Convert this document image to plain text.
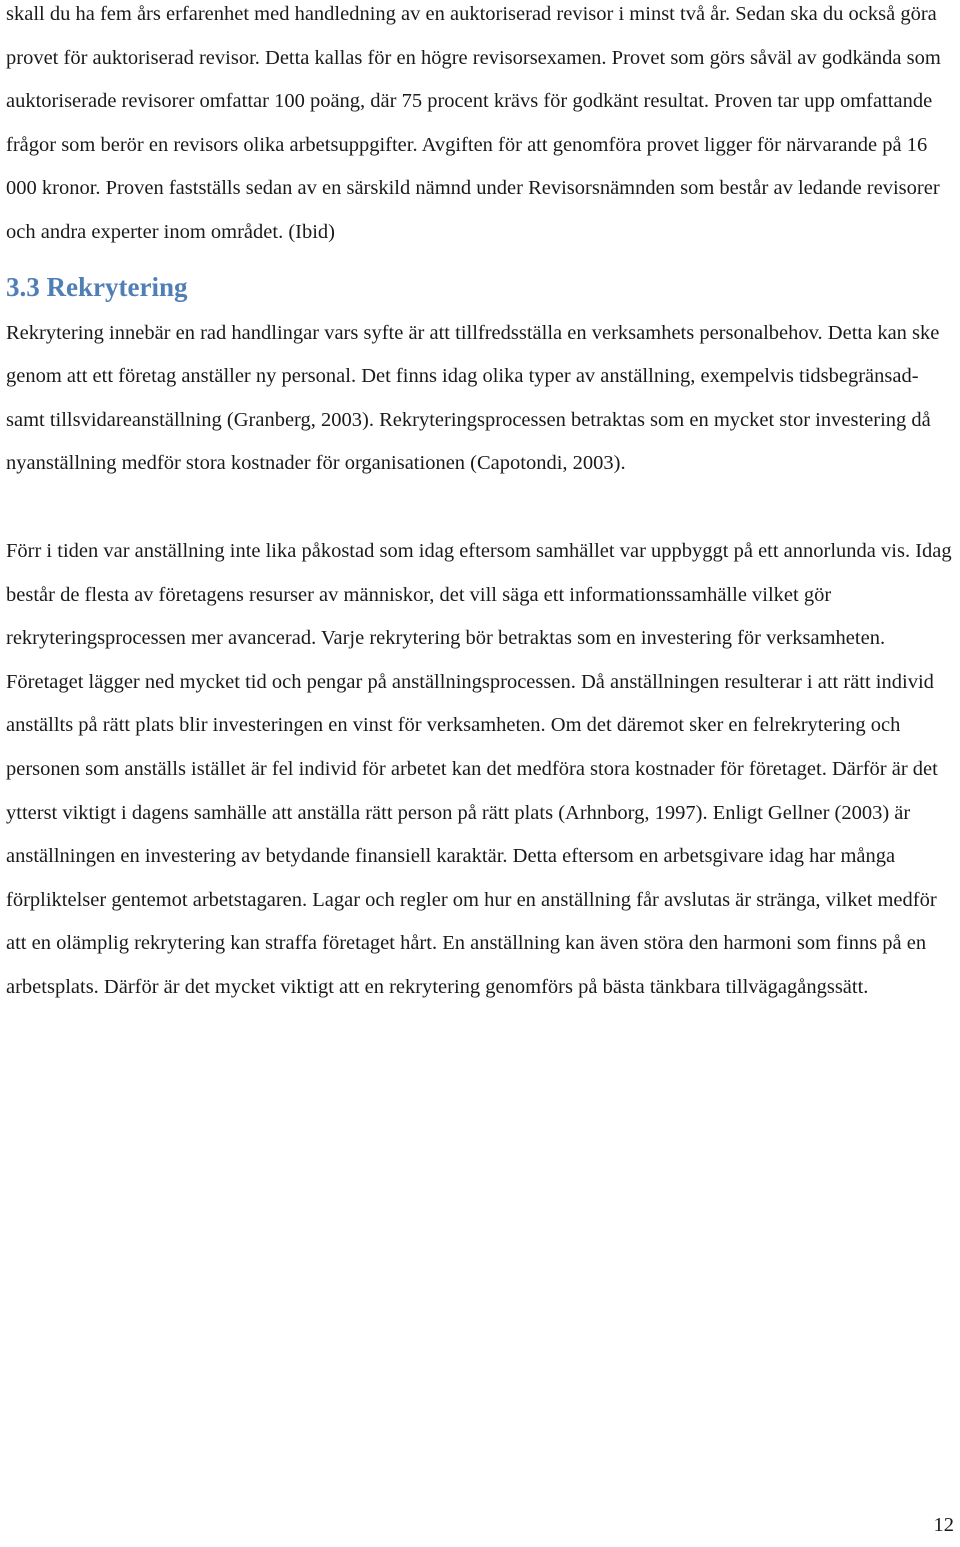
skall du ha fem års erfarenhet med handledning av en auktoriserad revisor i minst två år. Sedan ska du också göra provet för auktoriserad revisor. Detta kallas för en högre revisorsexamen. Provet som görs såväl av godkända som auktoriserade revisorer omfattar 100 poäng, där 75 procent krävs för godkänt resultat. Proven tar upp omfattande frågor som berör en revisors olika arbetsuppgifter. Avgiften för att genomföra provet ligger för närvarande på 16 000 kronor. Proven fastställs sedan av en särskild nämnd under Revisorsnämnden som består av ledande revisorer och andra experter inom området. (Ibid)

3.3 Rekrytering

Rekrytering innebär en rad handlingar vars syfte är att tillfredsställa en verksamhets personalbehov. Detta kan ske genom att ett företag anställer ny personal. Det finns idag olika typer av anställning, exempelvis tidsbegränsad- samt tillsvidareanställning (Granberg, 2003). Rekryteringsprocessen betraktas som en mycket stor investering då nyanställning medför stora kostnader för organisationen (Capotondi, 2003).

Förr i tiden var anställning inte lika påkostad som idag eftersom samhället var uppbyggt på ett annorlunda vis. Idag består de flesta av företagens resurser av människor, det vill säga ett informationssamhälle vilket gör rekryteringsprocessen mer avancerad. Varje rekrytering bör betraktas som en investering för verksamheten. Företaget lägger ned mycket tid och pengar på anställningsprocessen. Då anställningen resulterar i att rätt individ anställts på rätt plats blir investeringen en vinst för verksamheten. Om det däremot sker en felrekrytering och personen som anställs istället är fel individ för arbetet kan det medföra stora kostnader för företaget. Därför är det ytterst viktigt i dagens samhälle att anställa rätt person på rätt plats (Arhnborg, 1997). Enligt Gellner (2003) är anställningen en investering av betydande finansiell karaktär. Detta eftersom en arbetsgivare idag har många förpliktelser gentemot arbetstagaren. Lagar och regler om hur en anställning får avslutas är stränga, vilket medför att en olämplig rekrytering kan straffa företaget hårt. En anställning kan även störa den harmoni som finns på en arbetsplats. Därför är det mycket viktigt att en rekrytering genomförs på bästa tänkbara tillvägagångssätt.

12
